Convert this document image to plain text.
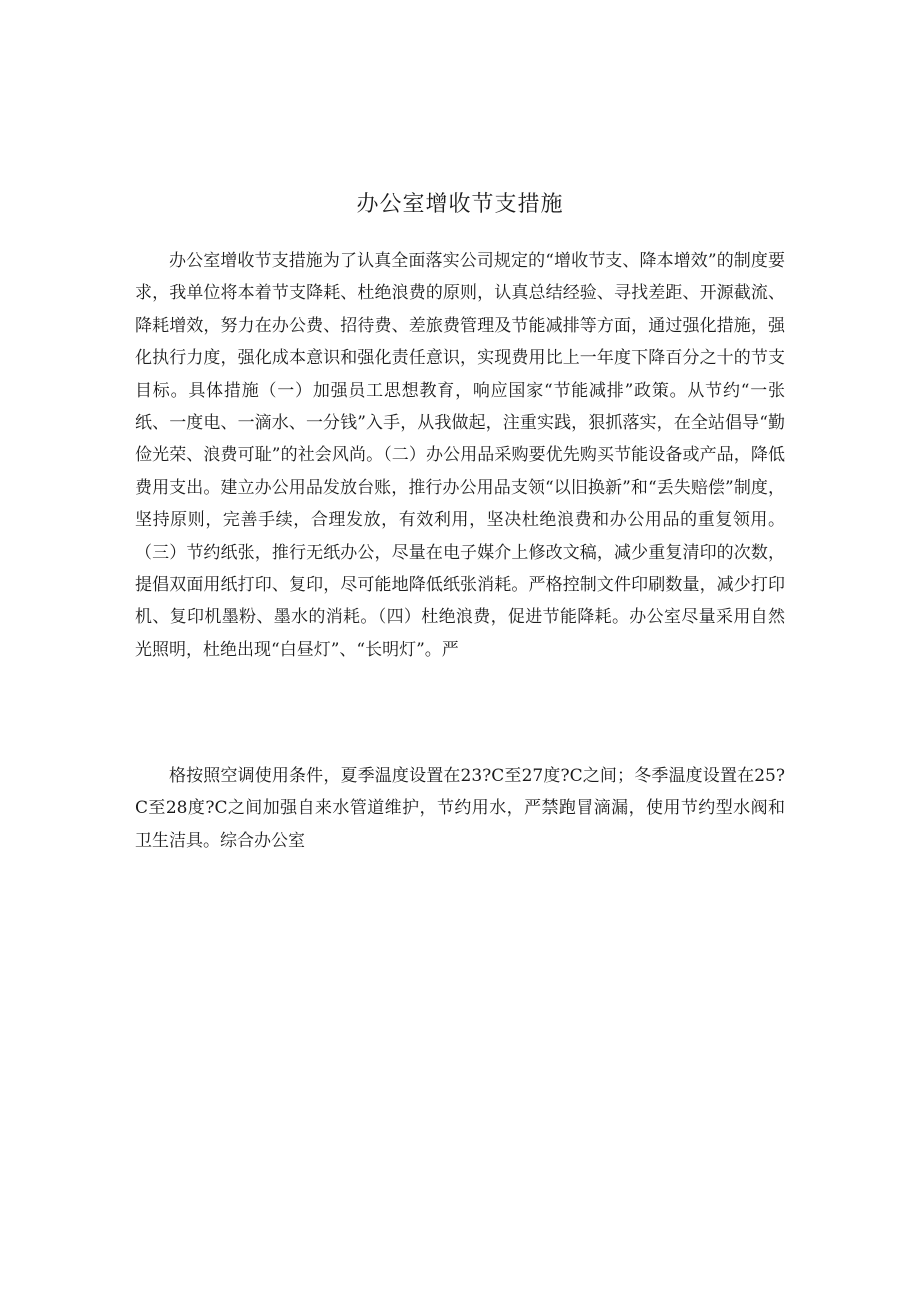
办公室增收节支措施

办公室增收节支措施为了认真全面落实公司规定的“增收节支、降本增效”的制度要求，我单位将本着节支降耗、杜绝浪费的原则，认真总结经验、寻找差距、开源截流、降耗增效，努力在办公费、招待费、差旅费管理及节能减排等方面，通过强化措施，强化执行力度，强化成本意识和强化责任意识，实现费用比上一年度下降百分之十的节支目标。具体措施（一）加强员工思想教育，响应国家“节能减排”政策。从节约“一张纸、一度电、一滴水、一分钱”入手，从我做起，注重实践，狠抓落实，在全站倡导“勤俭光荣、浪费可耻”的社会风尚。（二）办公用品采购要优先购买节能设备或产品，降低费用支出。建立办公用品发放台账，推行办公用品支领“以旧换新”和“丢失赔偿”制度，坚持原则，完善手续，合理发放，有效利用，坚决杜绝浪费和办公用品的重复领用。（三）节约纸张，推行无纸办公，尽量在电子媒介上修改文稿，减少重复清印的次数，提倡双面用纸打印、复印，尽可能地降低纸张消耗。严格控制文件印刷数量，减少打印机、复印机墨粉、墨水的消耗。（四）杜绝浪费，促进节能降耗。办公室尽量采用自然光照明，杜绝出现“白昼灯”、“长明灯”。严

格按照空调使用条件，夏季温度设置在23?C至27度?C之间；冬季温度设置在25?C至28度?C之间加强自来水管道维护，节约用水，严禁跑冒滴漏，使用节约型水阀和卫生洁具。综合办公室
